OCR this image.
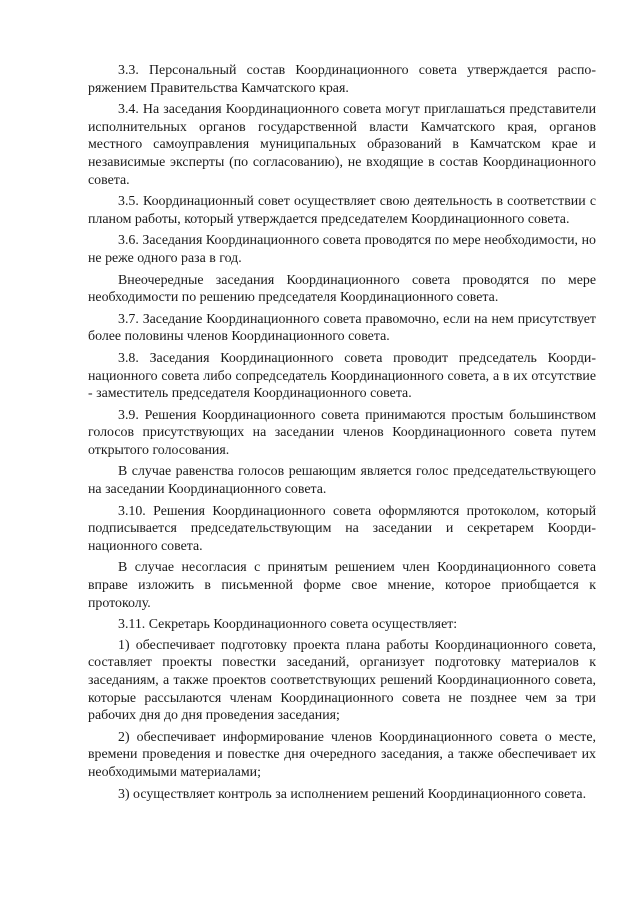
3.3. Персональный состав Координационного совета утверждается распоряжением Правительства Камчатского края.

3.4. На заседания Координационного совета могут приглашаться представители исполнительных органов государственной власти Камчатского края, органов местного самоуправления муниципальных образований в Камчатском крае и независимые эксперты (по согласованию), не входящие в состав Координационного совета.

3.5. Координационный совет осуществляет свою деятельность в соответствии с планом работы, который утверждается председателем Координационного совета.

3.6. Заседания Координационного совета проводятся по мере необходимости, но не реже одного раза в год.

Внеочередные заседания Координационного совета проводятся по мере необходимости по решению председателя Координационного совета.

3.7. Заседание Координационного совета правомочно, если на нем присутствует более половины членов Координационного совета.

3.8. Заседания Координационного совета проводит председатель Координационного совета либо сопредседатель Координационного совета, а в их отсутствие - заместитель председателя Координационного совета.

3.9. Решения Координационного совета принимаются простым большинством голосов присутствующих на заседании членов Координационного совета путем открытого голосования.

В случае равенства голосов решающим является голос председательствующего на заседании Координационного совета.

3.10. Решения Координационного совета оформляются протоколом, который подписывается председательствующим на заседании и секретарем Координационного совета.

В случае несогласия с принятым решением член Координационного совета вправе изложить в письменной форме свое мнение, которое приобщается к протоколу.

3.11. Секретарь Координационного совета осуществляет:

1) обеспечивает подготовку проекта плана работы Координационного совета, составляет проекты повестки заседаний, организует подготовку материалов к заседаниям, а также проектов соответствующих решений Координационного совета, которые рассылаются членам Координационного совета не позднее чем за три рабочих дня до дня проведения заседания;

2) обеспечивает информирование членов Координационного совета о месте, времени проведения и повестке дня очередного заседания, а также обеспечивает их необходимыми материалами;

3) осуществляет контроль за исполнением решений Координационного совета.
